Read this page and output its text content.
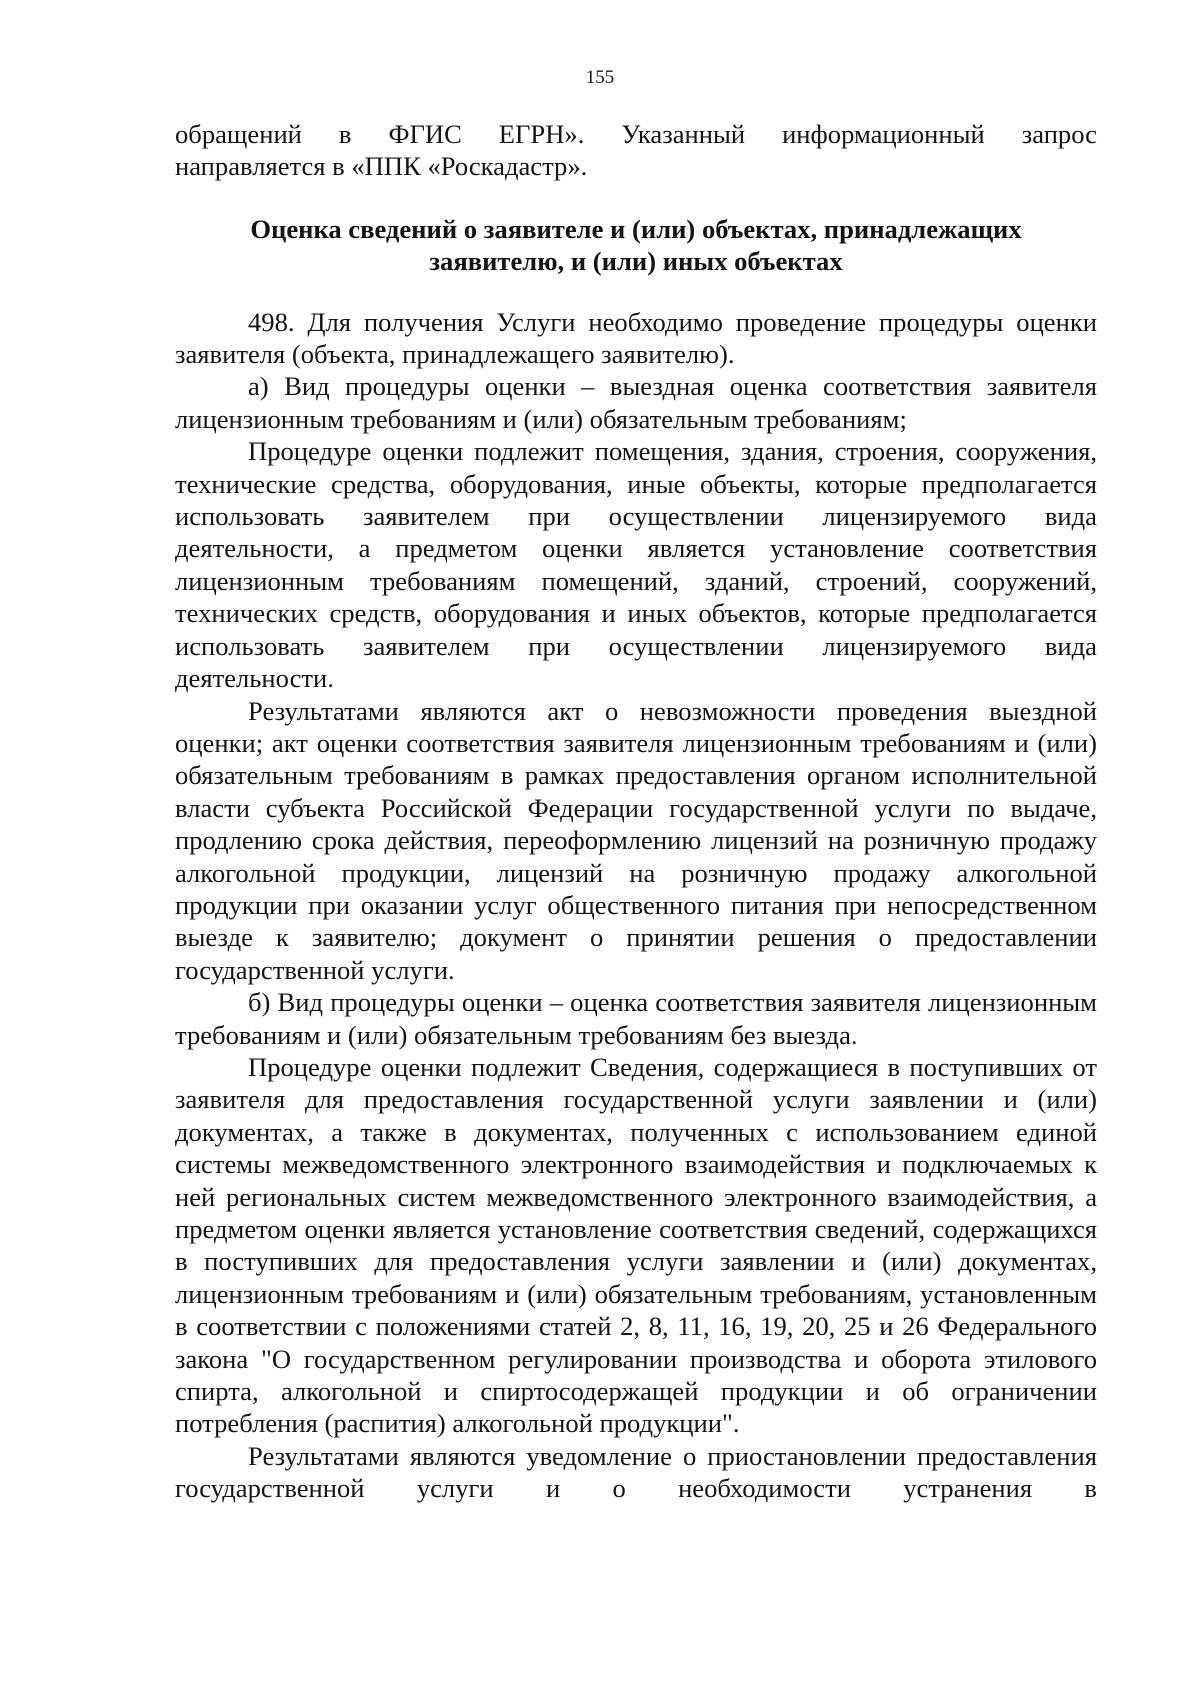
155

обращений в ФГИС ЕГРН». Указанный информационный запрос

направляется в «ППК «Роскадастр».

Оценка сведений о заявителе и (или) объектах, принадлежащих
заявителю, и (или) иных объектах

498. Для получения Услуги необходимо проведение процедуры оценки заявителя (объекта, принадлежащего заявителю).

а) Вид процедуры оценки – выездная оценка соответствия заявителя лицензионным требованиям и (или) обязательным требованиям;

Процедуре оценки подлежит помещения, здания, строения, сооружения, технические средства, оборудования, иные объекты, которые предполагается использовать заявителем при осуществлении лицензируемого вида деятельности, а предметом оценки является установление соответствия лицензионным требованиям помещений, зданий, строений, сооружений, технических средств, оборудования и иных объектов, которые предполагается использовать заявителем при осуществлении лицензируемого вида деятельности.

Результатами являются акт о невозможности проведения выездной оценки; акт оценки соответствия заявителя лицензионным требованиям и (или) обязательным требованиям в рамках предоставления органом исполнительной власти субъекта Российской Федерации государственной услуги по выдаче, продлению срока действия, переоформлению лицензий на розничную продажу алкогольной продукции, лицензий на розничную продажу алкогольной продукции при оказании услуг общественного питания при непосредственном выезде к заявителю; документ о принятии решения о предоставлении государственной услуги.

б) Вид процедуры оценки – оценка соответствия заявителя лицензионным требованиям и (или) обязательным требованиям без выезда.

Процедуре оценки подлежит Сведения, содержащиеся в поступивших от заявителя для предоставления государственной услуги заявлении и (или) документах, а также в документах, полученных с использованием единой системы межведомственного электронного взаимодействия и подключаемых к ней региональных систем межведомственного электронного взаимодействия, а предметом оценки является установление соответствия сведений, содержащихся в поступивших для предоставления услуги заявлении и (или) документах, лицензионным требованиям и (или) обязательным требованиям, установленным в соответствии с положениями статей 2, 8, 11, 16, 19, 20, 25 и 26 Федерального закона "О государственном регулировании производства и оборота этилового спирта, алкогольной и спиртосодержащей продукции и об ограничении потребления (распития) алкогольной продукции".

Результатами являются уведомление о приостановлении предоставления государственной услуги и о необходимости устранения в
